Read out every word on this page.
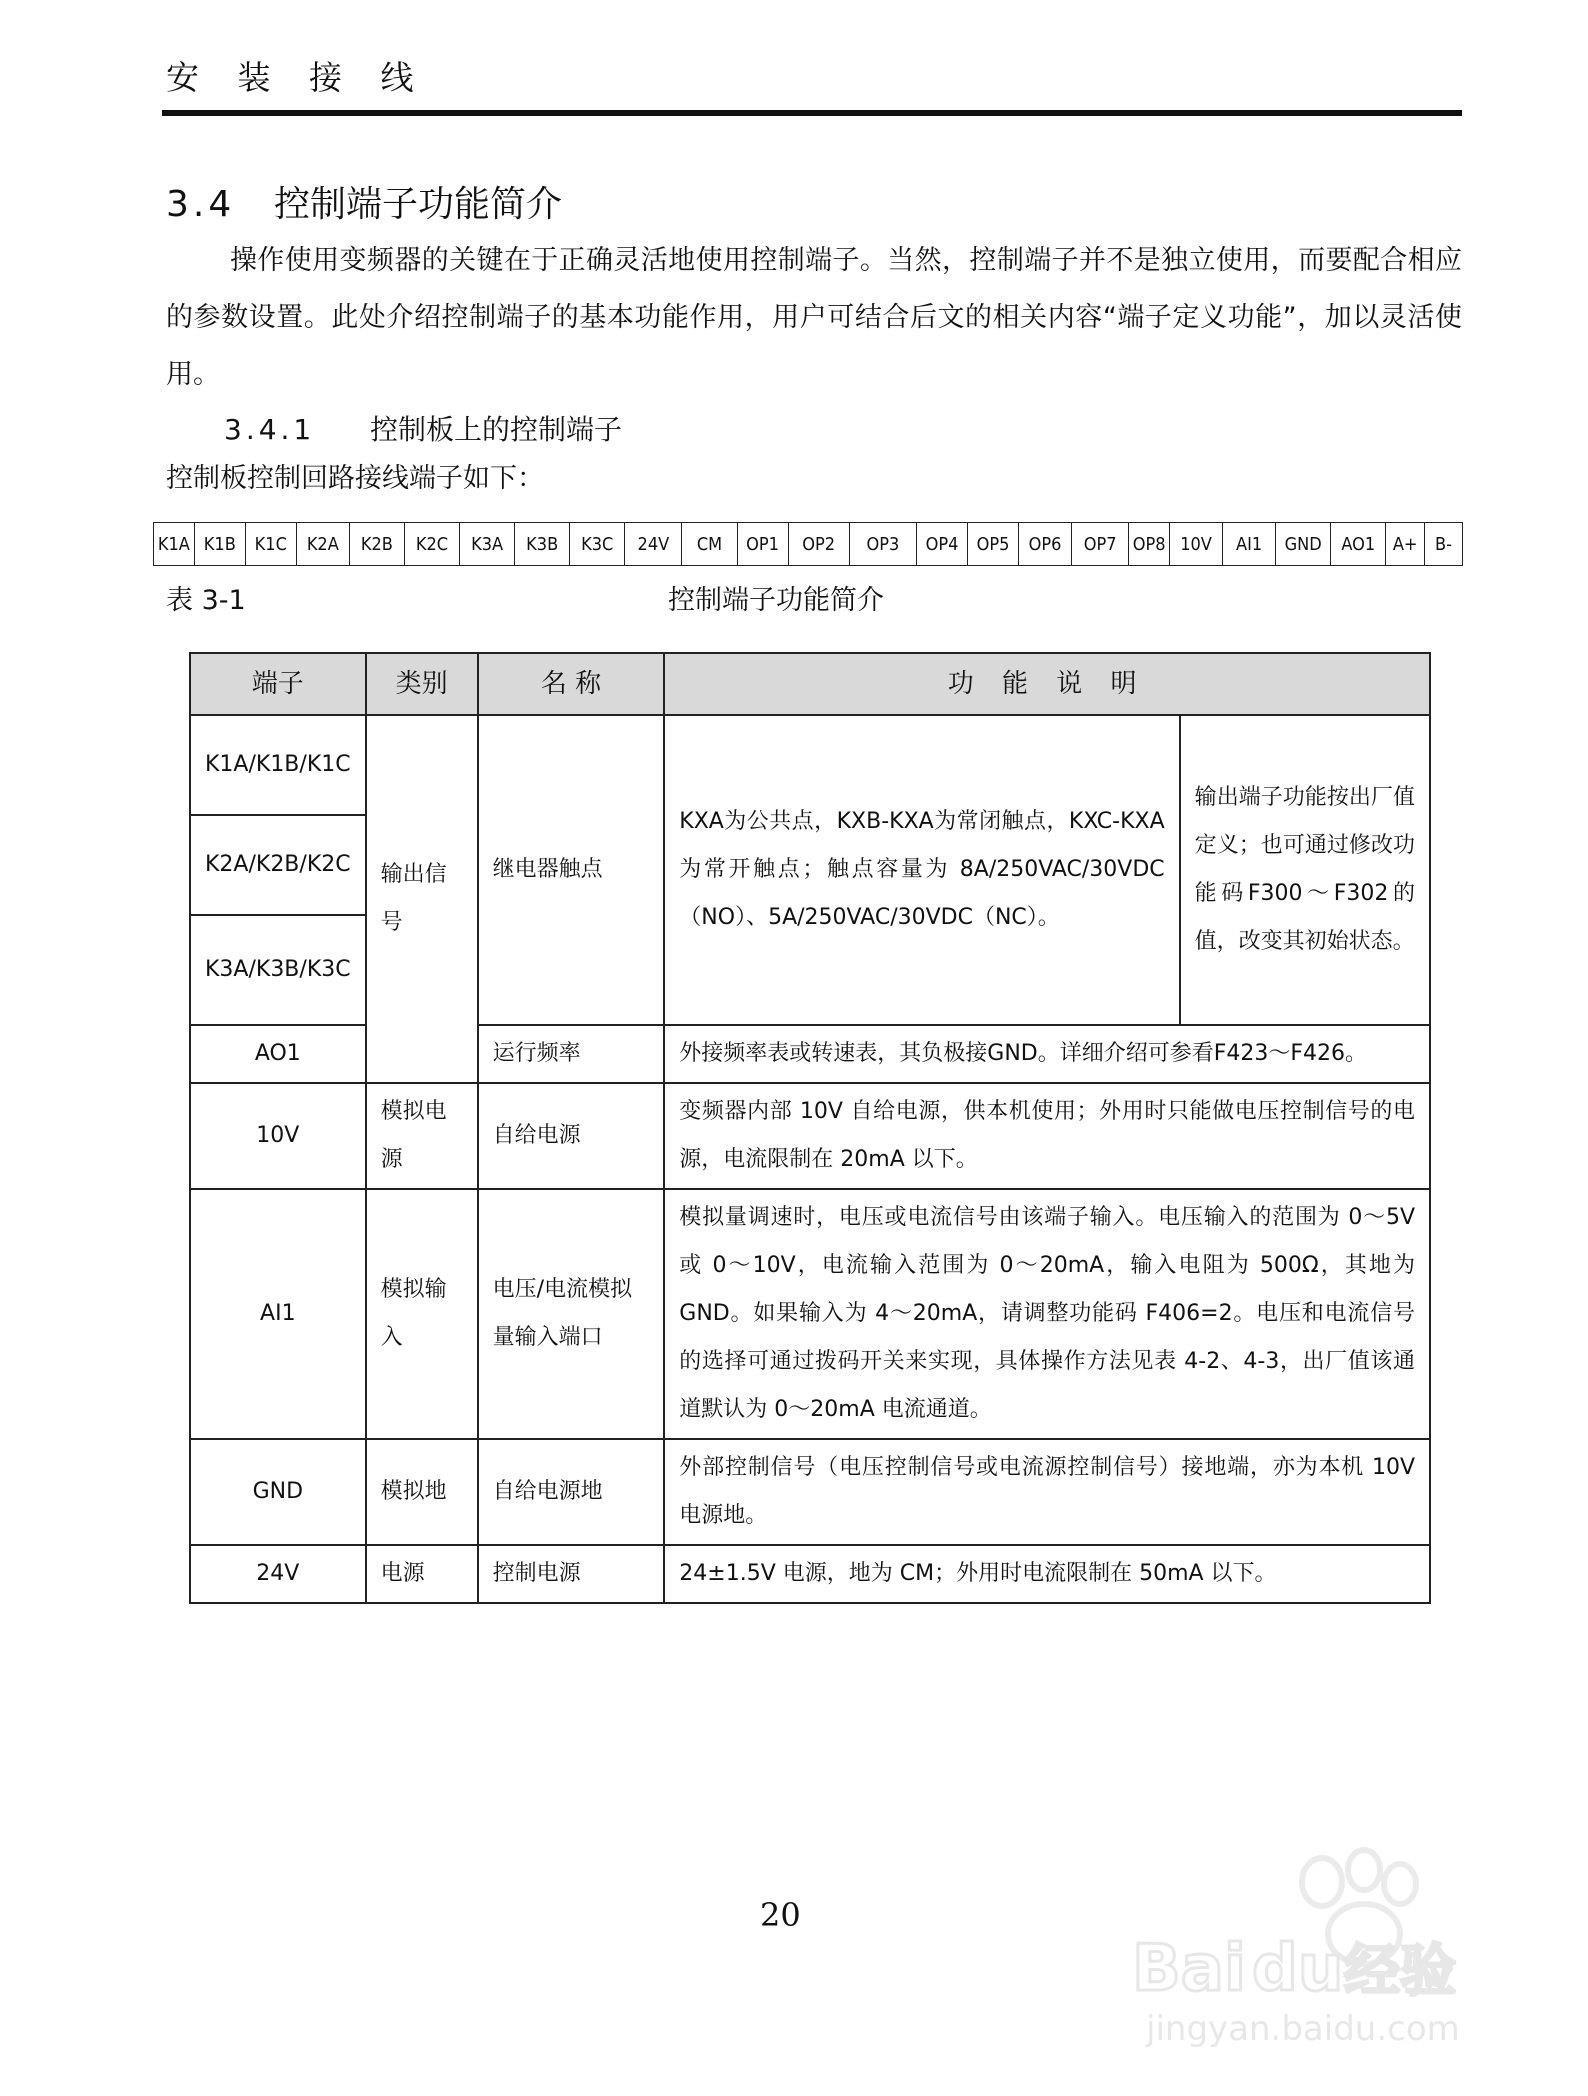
安 装 接 线
3.4 控制端子功能简介

操作使用变频器的关键在于正确灵活地使用控制端子。当然，控制端子并不是独立使用，而要配合相应的参数设置。此处介绍控制端子的基本功能作用，用户可结合后文的相关内容“端子定义功能”，加以灵活使用。

3.4.1 控制板上的控制端子
控制板控制回路接线端子如下：
K1A K1B	K1C	K2A	K2B	K2C	K3A	K3B	K3C	24V	CM	OP1	OP2	OP3	OP4	OP5	OP6	OP7 OP8 10V	AI1	GND	AO1 A+ B-
表 3-1	控制端子功能简介
端子	类别	名 称	功 能 说 明	
K1A/K1B/K1C	输出信号	继电器触点	KXA为公共点，KXB-KXA为常闭触点，KXC-KXA为常开触点；触点容量为 8A/250VAC/30VDC（NO）、5A/250VAC/30VDC（NC）。	输出端子功能按出厂值定义；也可通过修改功能码F300～F302的值，改变其初始状态。
K2A/K2B/K2C				
K3A/K3B/K3C				
AO1		运行频率	外接频率表或转速表，其负极接GND。详细介绍可参看F423～F426。	
10V	模拟电源	自给电源	变频器内部 10V 自给电源，供本机使用；外用时只能做电压控制信号的电源，电流限制在 20mA 以下。	
AI1	模拟输入	电压/电流模拟量输入端口	模拟量调速时，电压或电流信号由该端子输入。电压输入的范围为 0～5V 或 0～10V，电流输入范围为 0～20mA，输入电阻为 500Ω，其地为 GND。如果输入为 4～20mA，请调整功能码 F406=2。电压和电流信号的选择可通过拨码开关来实现，具体操作方法见表 4-2、4-3，出厂值该通道默认为 0～20mA 电流通道。	
GND	模拟地	自给电源地	外部控制信号（电压控制信号或电流源控制信号）接地端，亦为本机 10V 电源地。	
24V	电源	控制电源	24±1.5V 电源，地为 CM；外用时电流限制在 50mA 以下。	
20
Bai du 经验
jingyan.baidu.com
